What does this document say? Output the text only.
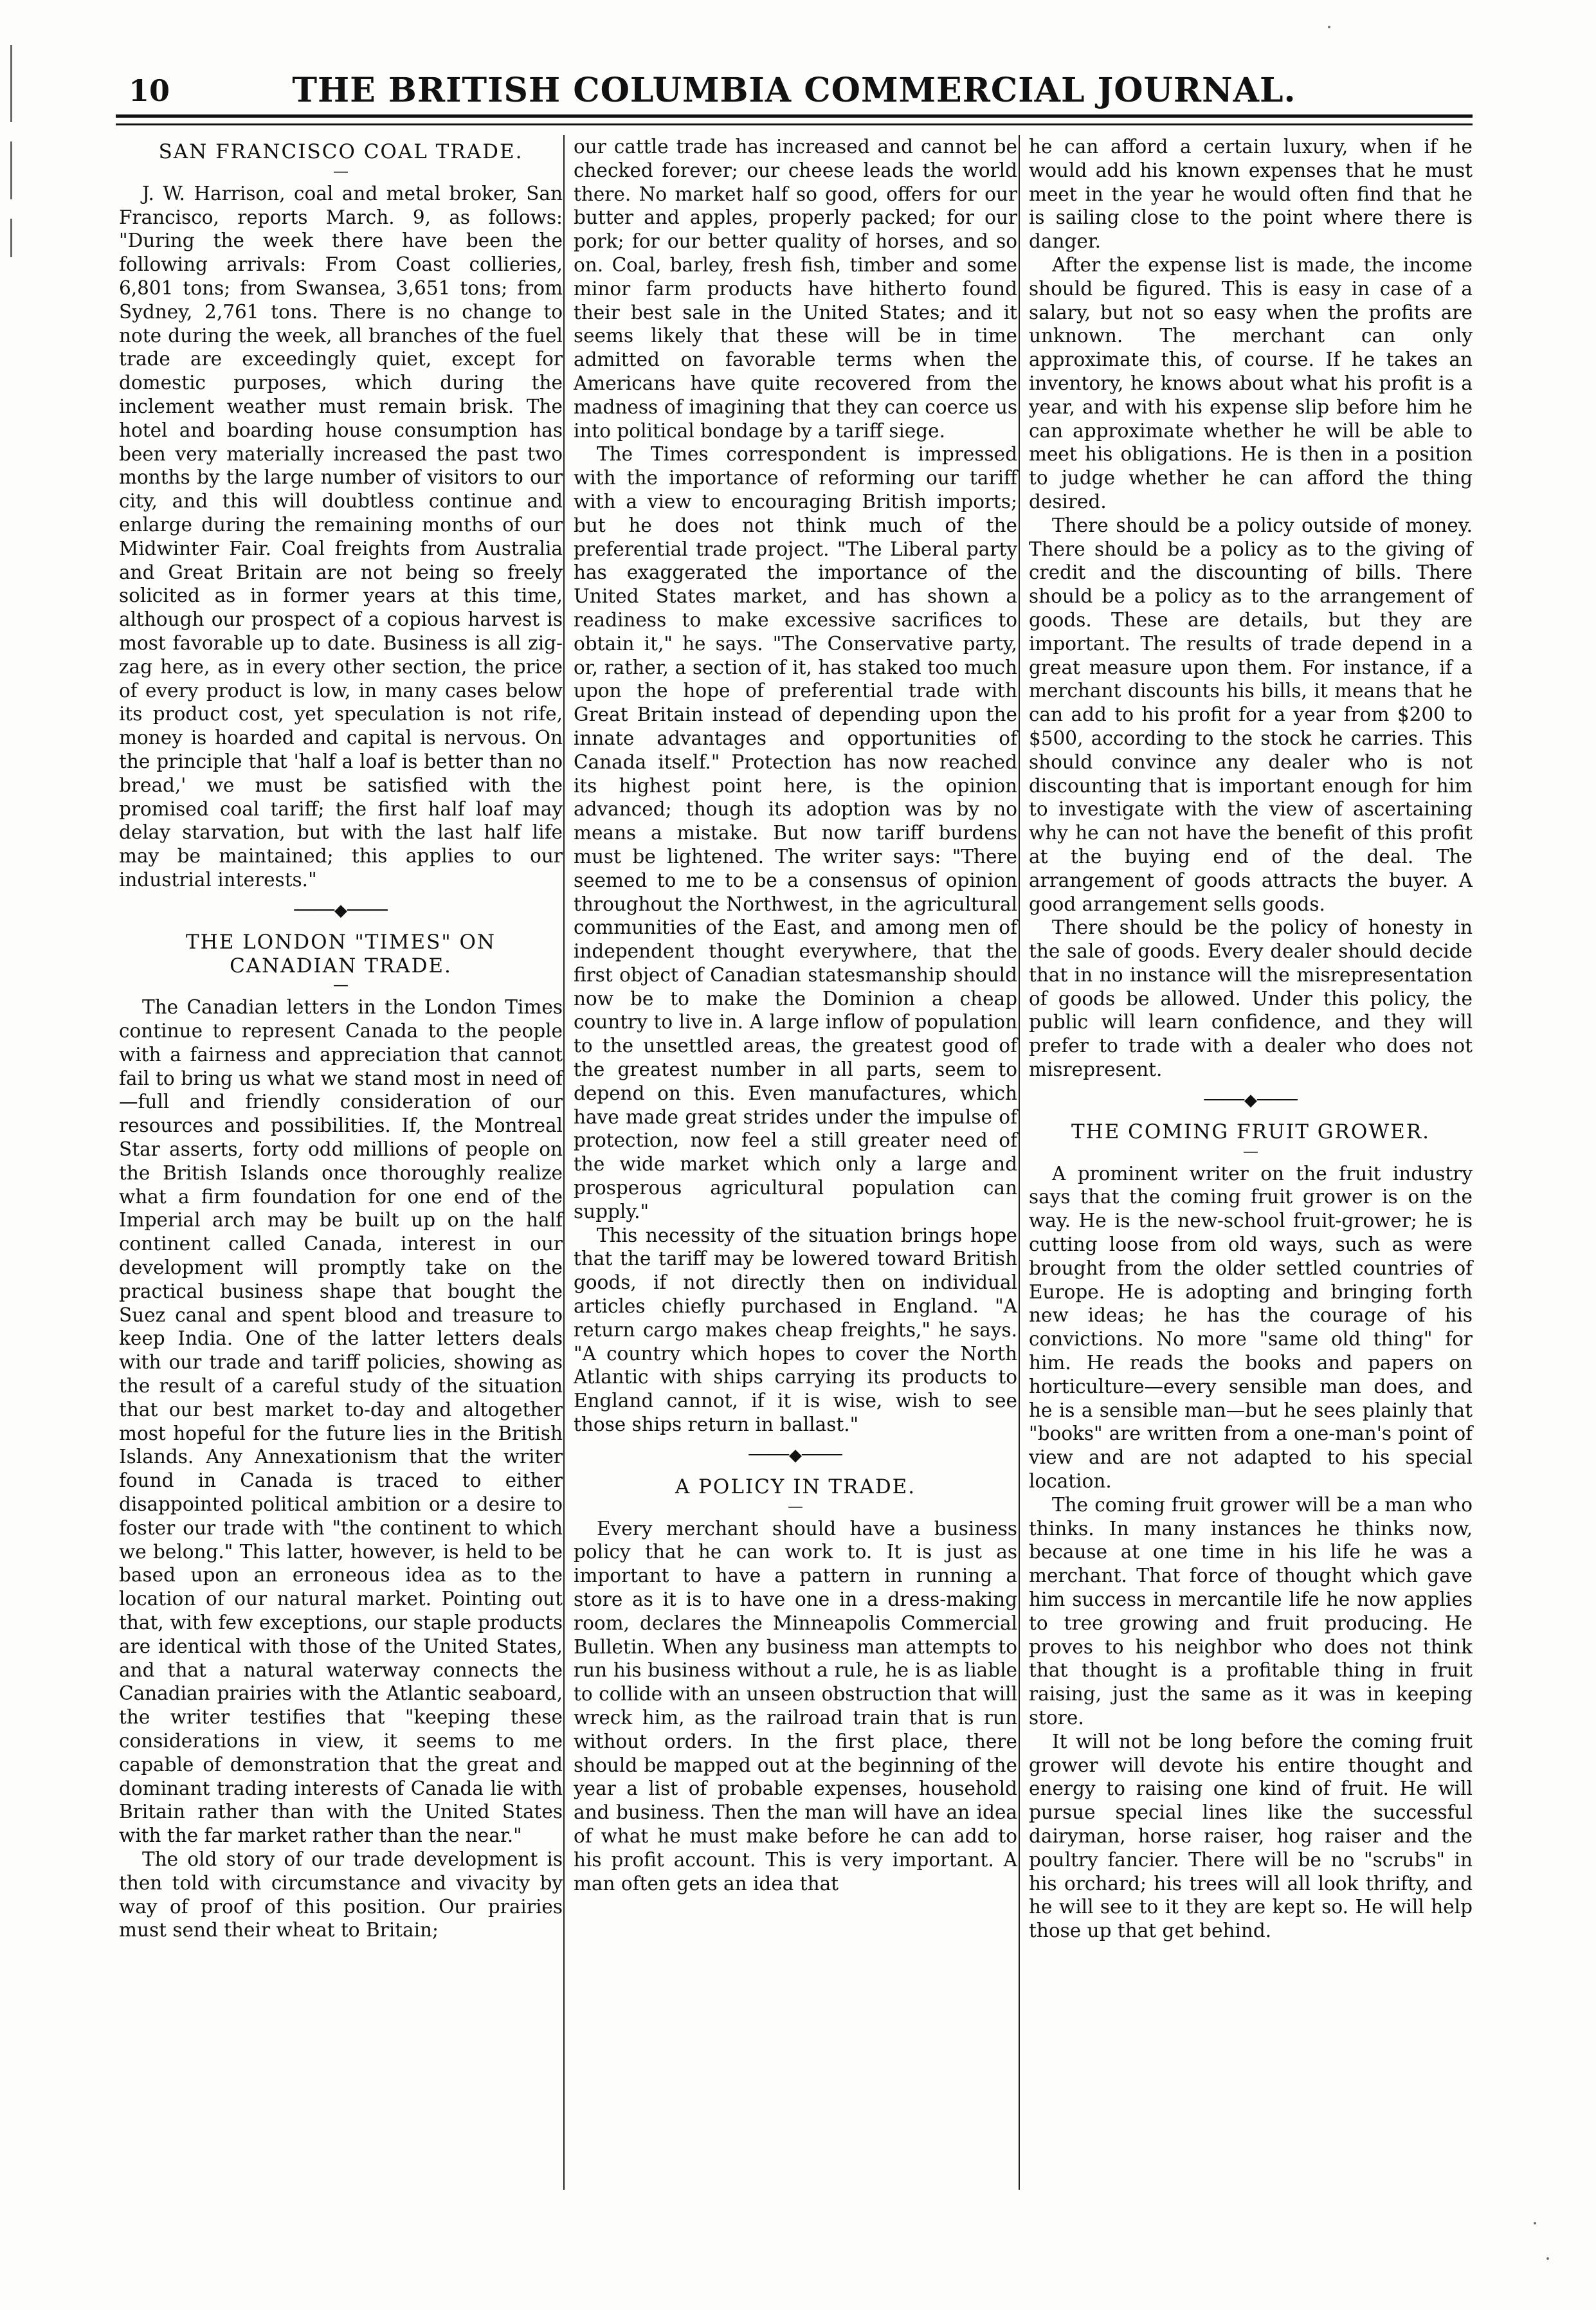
10	THE BRITISH COLUMBIA COMMERCIAL JOURNAL.
SAN FRANCISCO COAL TRADE.
—

J. W. Harrison, coal and metal broker, San Francisco, reports March. 9, as follows: "During the week there have been the following arrivals: From Coast collieries, 6,801 tons; from Swansea, 3,651 tons; from Sydney, 2,761 tons. There is no change to note during the week, all branches of the fuel trade are exceedingly quiet, except for domestic purposes, which during the inclement weather must remain brisk. The hotel and boarding house consumption has been very materially increased the past two months by the large number of visitors to our city, and this will doubtless continue and enlarge during the remaining months of our Midwinter Fair. Coal freights from Australia and Great Britain are not being so freely solicited as in former years at this time, although our prospect of a copious harvest is most favorable up to date. Business is all zig-zag here, as in every other section, the price of every product is low, in many cases below its product cost, yet speculation is not rife, money is hoarded and capital is nervous. On the principle that 'half a loaf is better than no bread,' we must be satisfied with the promised coal tariff; the first half loaf may delay starvation, but with the last half life may be maintained; this applies to our industrial interests."

────◆────
THE LONDON "TIMES" ON CANADIAN TRADE.
—

The Canadian letters in the London Times continue to represent Canada to the people with a fairness and appreciation that cannot fail to bring us what we stand most in need of—full and friendly consideration of our resources and possibilities. If, the Montreal Star asserts, forty odd millions of people on the British Islands once thoroughly realize what a firm foundation for one end of the Imperial arch may be built up on the half continent called Canada, interest in our development will promptly take on the practical business shape that bought the Suez canal and spent blood and treasure to keep India. One of the latter letters deals with our trade and tariff policies, showing as the result of a careful study of the situation that our best market to-day and altogether most hopeful for the future lies in the British Islands. Any Annexationism that the writer found in Canada is traced to either disappointed political ambition or a desire to foster our trade with "the continent to which we belong." This latter, however, is held to be based upon an erroneous idea as to the location of our natural market. Pointing out that, with few exceptions, our staple products are identical with those of the United States, and that a natural waterway connects the Canadian prairies with the Atlantic seaboard, the writer testifies that "keeping these considerations in view, it seems to me capable of demonstration that the great and dominant trading interests of Canada lie with Britain rather than with the United States with the far market rather than the near."

The old story of our trade development is then told with circumstance and vivacity by way of proof of this position. Our prairies must send their wheat to Britain;

our cattle trade has increased and cannot be checked forever; our cheese leads the world there. No market half so good, offers for our butter and apples, properly packed; for our pork; for our better quality of horses, and so on. Coal, barley, fresh fish, timber and some minor farm products have hitherto found their best sale in the United States; and it seems likely that these will be in time admitted on favorable terms when the Americans have quite recovered from the madness of imagining that they can coerce us into political bondage by a tariff siege.

The Times correspondent is impressed with the importance of reforming our tariff with a view to encouraging British imports; but he does not think much of the preferential trade project. "The Liberal party has exaggerated the importance of the United States market, and has shown a readiness to make excessive sacrifices to obtain it," he says. "The Conservative party, or, rather, a section of it, has staked too much upon the hope of preferential trade with Great Britain instead of depending upon the innate advantages and opportunities of Canada itself." Protection has now reached its highest point here, is the opinion advanced; though its adoption was by no means a mistake. But now tariff burdens must be lightened. The writer says: "There seemed to me to be a consensus of opinion throughout the Northwest, in the agricultural communities of the East, and among men of independent thought everywhere, that the first object of Canadian statesmanship should now be to make the Dominion a cheap country to live in. A large inflow of population to the unsettled areas, the greatest good of the greatest number in all parts, seem to depend on this. Even manufactures, which have made great strides under the impulse of protection, now feel a still greater need of the wide market which only a large and prosperous agricultural population can supply."

This necessity of the situation brings hope that the tariff may be lowered toward British goods, if not directly then on individual articles chiefly purchased in England. "A return cargo makes cheap freights," he says. "A country which hopes to cover the North Atlantic with ships carrying its products to England cannot, if it is wise, wish to see those ships return in ballast."

────◆────
A POLICY IN TRADE.
—

Every merchant should have a business policy that he can work to. It is just as important to have a pattern in running a store as it is to have one in a dress-making room, declares the Minneapolis Commercial Bulletin. When any business man attempts to run his business without a rule, he is as liable to collide with an unseen obstruction that will wreck him, as the railroad train that is run without orders. In the first place, there should be mapped out at the beginning of the year a list of probable expenses, household and business. Then the man will have an idea of what he must make before he can add to his profit account. This is very important. A man often gets an idea that

he can afford a certain luxury, when if he would add his known expenses that he must meet in the year he would often find that he is sailing close to the point where there is danger.

After the expense list is made, the income should be figured. This is easy in case of a salary, but not so easy when the profits are unknown. The merchant can only approximate this, of course. If he takes an inventory, he knows about what his profit is a year, and with his expense slip before him he can approximate whether he will be able to meet his obligations. He is then in a position to judge whether he can afford the thing desired.

There should be a policy outside of money. There should be a policy as to the giving of credit and the discounting of bills. There should be a policy as to the arrangement of goods. These are details, but they are important. The results of trade depend in a great measure upon them. For instance, if a merchant discounts his bills, it means that he can add to his profit for a year from $200 to $500, according to the stock he carries. This should convince any dealer who is not discounting that is important enough for him to investigate with the view of ascertaining why he can not have the benefit of this profit at the buying end of the deal. The arrangement of goods attracts the buyer. A good arrangement sells goods.

There should be the policy of honesty in the sale of goods. Every dealer should decide that in no instance will the misrepresentation of goods be allowed. Under this policy, the public will learn confidence, and they will prefer to trade with a dealer who does not misrepresent.

────◆────
THE COMING FRUIT GROWER.
—

A prominent writer on the fruit industry says that the coming fruit grower is on the way. He is the new-school fruit-grower; he is cutting loose from old ways, such as were brought from the older settled countries of Europe. He is adopting and bringing forth new ideas; he has the courage of his convictions. No more "same old thing" for him. He reads the books and papers on horticulture—every sensible man does, and he is a sensible man—but he sees plainly that "books" are written from a one-man's point of view and are not adapted to his special location.

The coming fruit grower will be a man who thinks. In many instances he thinks now, because at one time in his life he was a merchant. That force of thought which gave him success in mercantile life he now applies to tree growing and fruit producing. He proves to his neighbor who does not think that thought is a profitable thing in fruit raising, just the same as it was in keeping store.

It will not be long before the coming fruit grower will devote his entire thought and energy to raising one kind of fruit. He will pursue special lines like the successful dairyman, horse raiser, hog raiser and the poultry fancier. There will be no "scrubs" in his orchard; his trees will all look thrifty, and he will see to it they are kept so. He will help those up that get behind.
